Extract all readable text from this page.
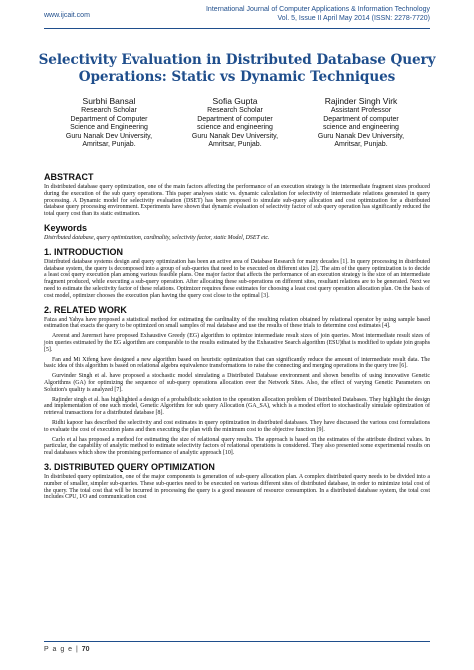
www.ijcait.com
International Journal of Computer Applications & Information Technology
Vol. 5, Issue II April May 2014 (ISSN: 2278-7720)
Selectivity Evaluation in Distributed Database Query
Operations: Static vs Dynamic Techniques
Surbhi Bansal
Research Scholar
Department of Computer
Science and Engineering
Guru Nanak Dev University,
Amritsar, Punjab.
Sofia Gupta
Research Scholar
Department of computer
science and engineering
Guru Nanak Dev University,
Amritsar, Punjab.
Rajinder Singh Virk
Assistant Professor
Department of computer
science and engineering
Guru Nanak Dev University,
Amritsar, Punjab.
ABSTRACT

In distributed database query optimization, one of the main factors affecting the performance of an execution strategy is the intermediate fragment sizes produced during the execution of the sub query operations. This paper analyses static vs. dynamic calculation for selectivity of intermediate relations generated in query processing. A Dynamic model for selectivity evaluation (DSET) has been proposed to simulate sub-query allocation and cost optimization for a distributed database query processing environment. Experiments have shown that dynamic evaluation of selectivity factor of sub query operation has significantly reduced the total query cost than its static estimation.

Keywords

Distributed database, query optimization, cardinality, selectivity factor, static Model, DSET etc.

1. INTRODUCTION

Distributed database systems design and query optimization has been an active area of Database Research for many decades [1]. In query processing in distributed database system, the query is decomposed into a group of sub-queries that need to be executed on different sites [2]. The aim of the query optimization is to decide a least cost query execution plan among various feasible plans. One major factor that affects the performance of an execution strategy is the size of an intermediate fragment produced, while executing a sub-query operation. After allocating these sub-operations on different sites, resultant relations are to be generated. Next we need to estimate the selectivity factor of these relations. Optimizer requires these estimates for choosing a least cost query operation allocation plan. On the basis of cost model, optimizer chooses the execution plan having the query cost close to the optimal [3].

2. RELATED WORK

Faiza and Yahya have proposed a statistical method for estimating the cardinality of the resulting relation obtained by relational operator by using sample based estimation that exacts the query to be optimized on small samples of real database and use the results of these trials to determine cost estimates [4].

Areerat and Jarernsri have proposed Exhaustive Greedy (EG) algorithm to optimize intermediate result sizes of join queries. Most intermediate result sizes of join queries estimated by the EG algorithm are comparable to the results estimated by the Exhaustive Search algorithm (ESU)that is modified to update join graphs [5].

Fan and Mi Xifeng have designed a new algorithm based on heuristic optimization that can significantly reduce the amount of intermediate result data. The basic idea of this algorithm is based on relational algebra equivalence transformations to raise the connecting and merging operations in the query tree [6].

Gurvinder Singh et al. have proposed a stochastic model simulating a Distributed Database environment and shown benefits of using innovative Genetic Algorithms (GA) for optimizing the sequence of sub-query operations allocation over the Network Sites. Also, the effect of varying Genetic Parameters on Solution's quality is analyzed [7].

Rajinder singh et al. has highlighted a design of a probabilistic solution to the operation allocation problem of Distributed Databases. They highlight the design and implementation of one such model, Genetic Algorithm for sub query Allocation (GA_SA), which is a modest effort to stochastically simulate optimization of retrieval transactions for a distributed database [8].

Ridhi kapoor has described the selectivity and cost estimates in query optimization in distributed databases. They have discussed the various cost formulations to evaluate the cost of execution plans and then executing the plan with the minimum cost to the objective function [9].

Carlo et al has proposed a method for estimating the size of relational query results. The approach is based on the estimates of the attribute distinct values. In particular, the capability of analytic method to estimate selectivity factors of relational operations is considered. They also presented some experimental results on real databases which show the promising performance of analytic approach [10].

3. DISTRIBUTED QUERY OPTIMIZATION

In distributed query optimization, one of the major components is generation of sub-query allocation plan. A complex distributed query needs to be divided into a number of smaller, simpler sub-queries. These sub-queries need to be executed on various different sites of distributed database, in order to minimize total cost of the query. The total cost that will be incurred in processing the query is a good measure of resource consumption. In a distributed database system, the total cost includes CPU, I/O and communication cost

P a g e | 70
